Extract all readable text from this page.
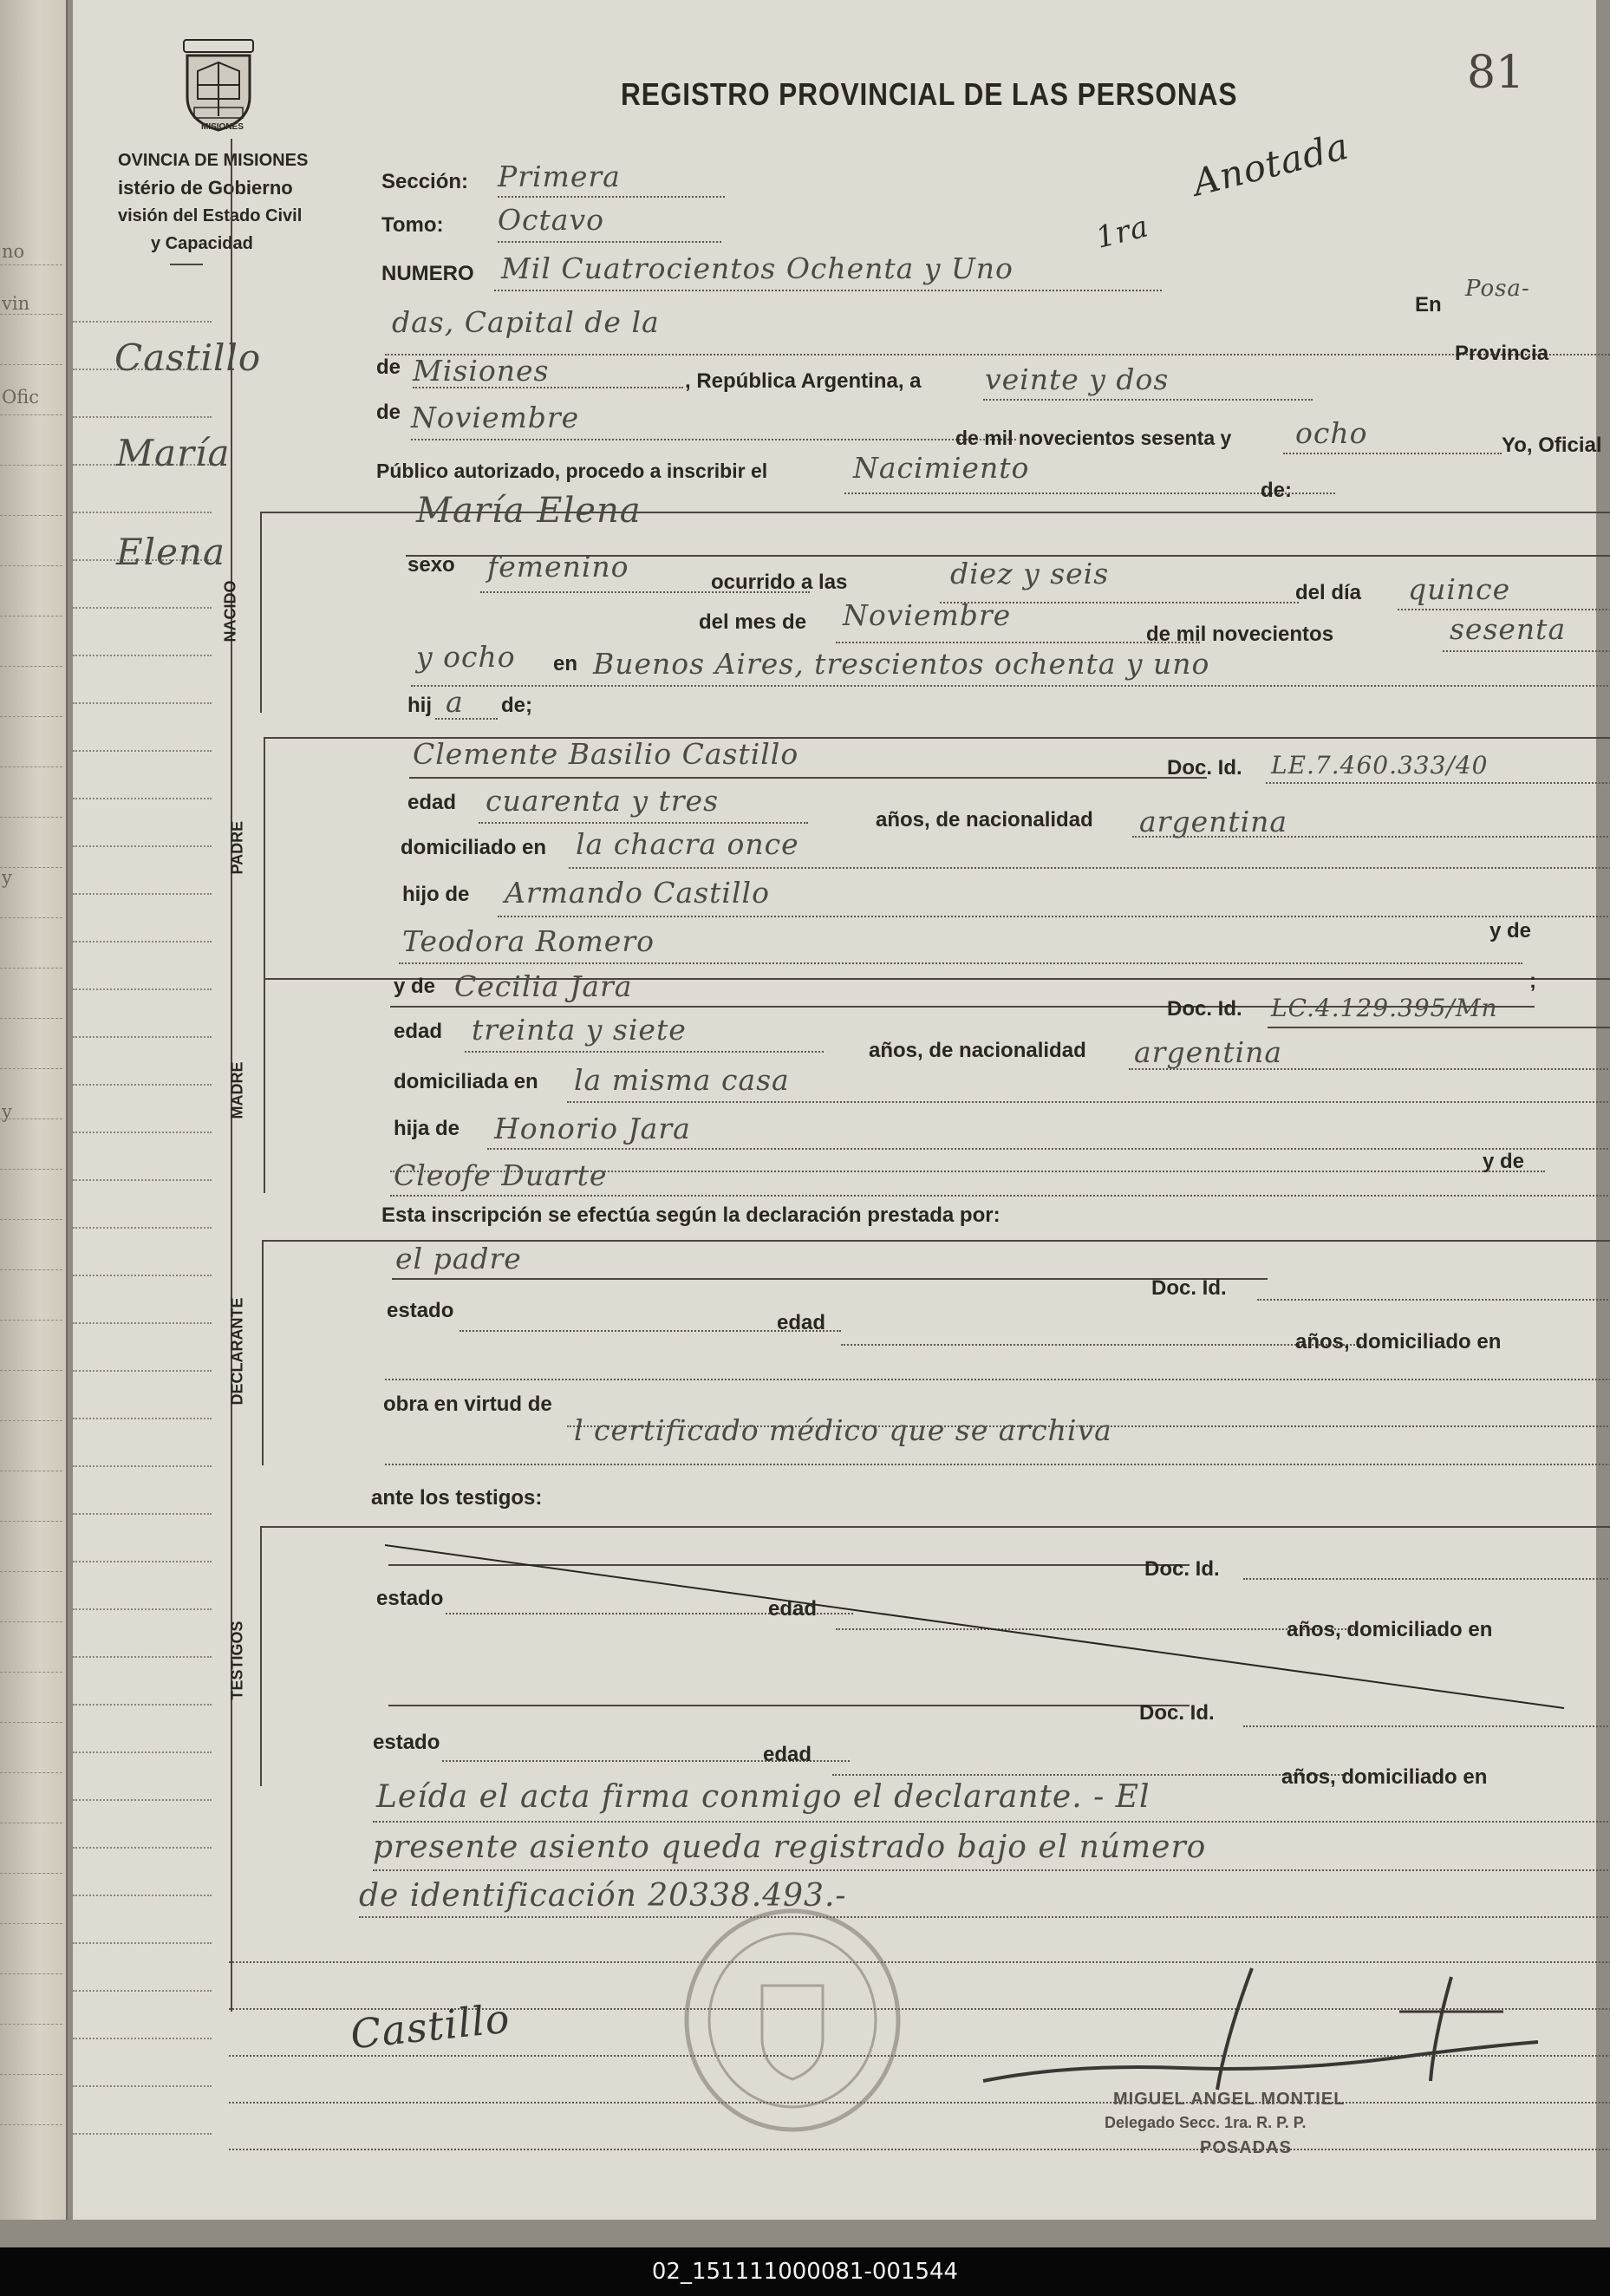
no
vin
Ofic
y
y
MISIONES
OVINCIA DE MISIONES
istério de Gobierno
visión del Estado Civil
y Capacidad
REGISTRO PROVINCIAL DE LAS PERSONAS	81
1ra
Anotada
Castillo
María
Elena
NACIDO
PADRE
MADRE
DECLARANTE
TESTIGOS
Sección: Primera
Tomo: Octavo
NUMERO Mil Cuatrocientos Ochenta y Uno
En
Posa-
das, Capital de la
Provincia
de Misiones	, República Argentina, a veinte y dos
de Noviembre
de mil novecientos sesenta y ocho	Yo, Oficial
Público autorizado, procedo a inscribir el	Nacimiento
de:
María Elena
sexo femenino	ocurrido a las	diez y seis
del día quince
del mes de Noviembre
de mil novecientos	sesenta
y ocho en Buenos Aires, trescientos ochenta y uno
hij a de;
Clemente Basilio Castillo	Doc. Id. LE.7.460.333/40
edad cuarenta y tres
años, de nacionalidad argentina
domiciliado en la chacra once
hijo de Armando Castillo
Teodora Romero	y de
y de Cecilia Jara	;
Doc. Id. LC.4.129.395/Mn
edad treinta y siete
años, de nacionalidad argentina
domiciliada en la misma casa
hija de Honorio Jara
Cleofe Duarte	y de
Esta inscripción se efectúa según la declaración prestada por:
el padre
Doc. Id.
estado
edad
años, domiciliado en
obra en virtud de
l certificado médico que se archiva
ante los testigos:
Doc. Id.
estado	edad
años, domiciliado en
Doc. Id.
estado
edad
años, domiciliado en
Leída el acta firma conmigo el declarante. - El
presente asiento queda registrado bajo el número
de identificación 20338.493.-
Castillo
MIGUEL ANGEL MONTIEL
Delegado Secc. 1ra. R. P. P.
POSADAS
02_151111000081-001544
